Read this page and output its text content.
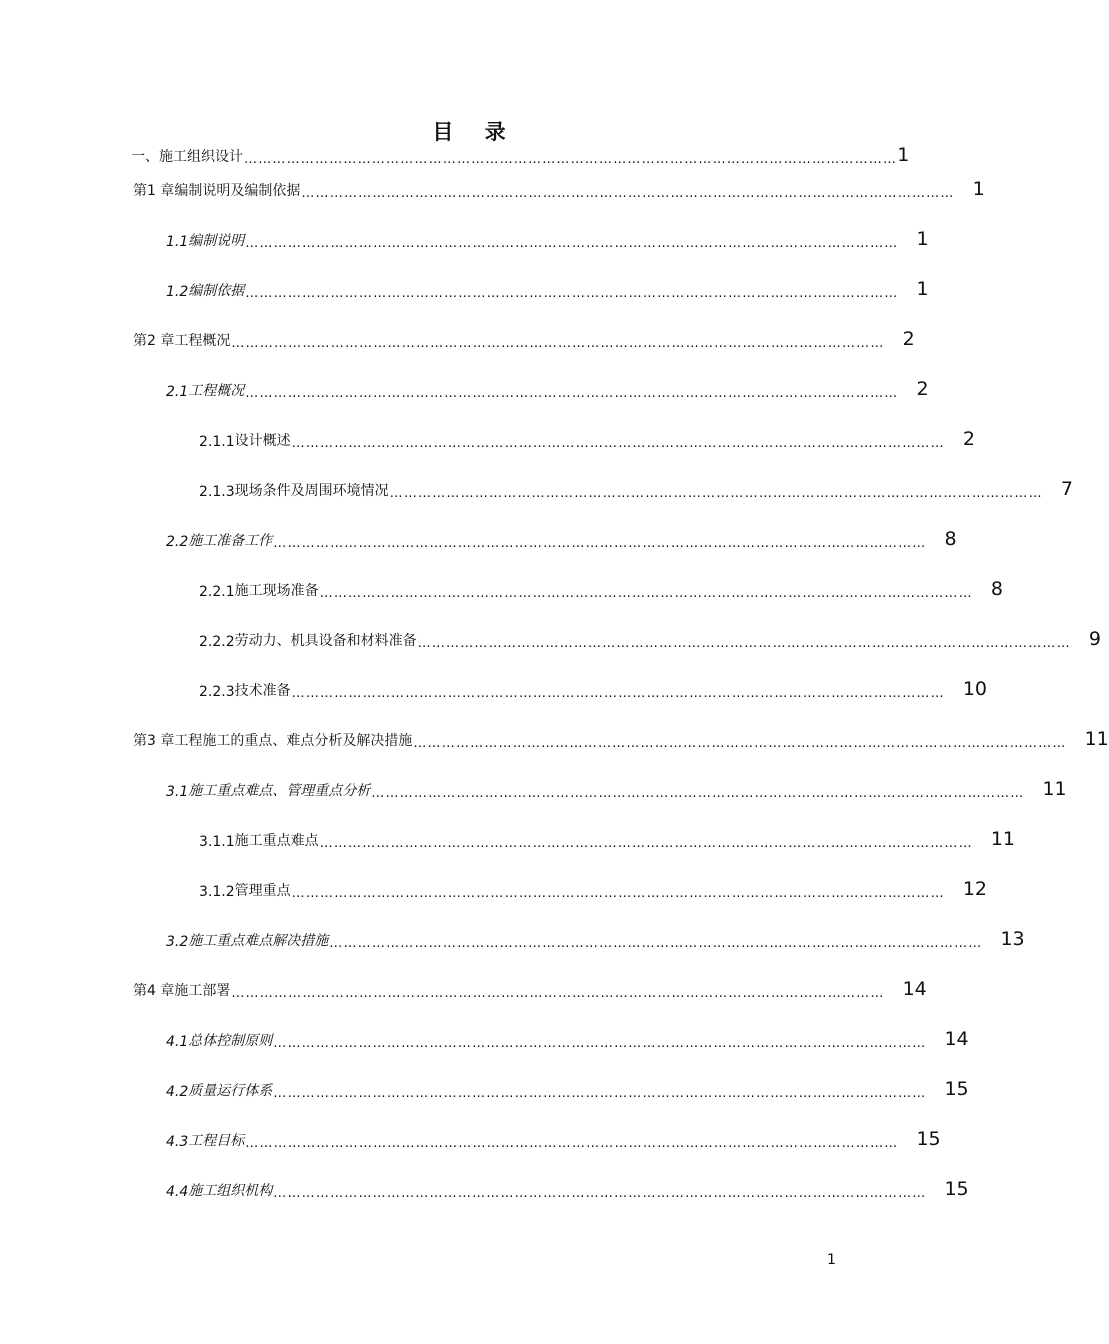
目 录
一、施工组织设计 ………………………………………………………………………………………………………………………… 1
第1 章 编制说明及编制依据 ………………………………………………………………………………………………………………………… 1
1.1 编制说明 ………………………………………………………………………………………………………………………… 1
1.2 编制依据 ………………………………………………………………………………………………………………………… 1
第2 章 工程概况 ………………………………………………………………………………………………………………………… 2
2.1 工程概况 ………………………………………………………………………………………………………………………… 2
2.1.1 设计概述 ………………………………………………………………………………………………………………………… 2
2.1.3 现场条件及周围环境情况 ………………………………………………………………………………………………………………………… 7
2.2 施工准备工作 ………………………………………………………………………………………………………………………… 8
2.2.1 施工现场准备 ………………………………………………………………………………………………………………………… 8
2.2.2 劳动力、机具设备和材料准备 ………………………………………………………………………………………………………………………… 9
2.2.3 技术准备 ………………………………………………………………………………………………………………………… 10
第3 章 工程施工的重点、难点分析及解决措施 ………………………………………………………………………………………………………………………… 11
3.1 施工重点难点、管理重点分析 ………………………………………………………………………………………………………………………… 11
3.1.1 施工重点难点 ………………………………………………………………………………………………………………………… 11
3.1.2 管理重点 ………………………………………………………………………………………………………………………… 12
3.2 施工重点难点解决措施 ………………………………………………………………………………………………………………………… 13
第4 章 施工部署 ………………………………………………………………………………………………………………………… 14
4.1 总体控制原则 ………………………………………………………………………………………………………………………… 14
4.2 质量运行体系 ………………………………………………………………………………………………………………………… 15
4.3 工程目标 ………………………………………………………………………………………………………………………… 15
4.4 施工组织机构 ………………………………………………………………………………………………………………………… 15
1
